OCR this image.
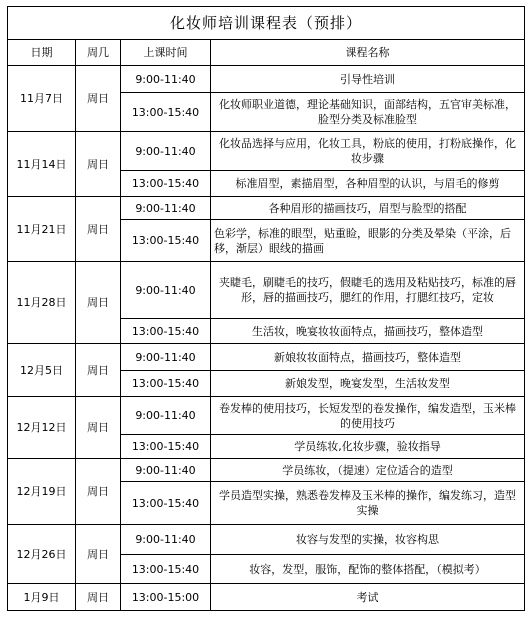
化妆师培训课程表（预排）			
日期	周几	上课时间	课程名称
11月7日	周日	9:00-11:40	引导性培训
		13:00-15:40	化妆师职业道德，理论基础知识，面部结构，五官审美标准，脸型分类及标准脸型
11月14日	周日	9:00-11:40	化妆品选择与应用，化妆工具，粉底的使用，打粉底操作，化妆步骤
		13:00-15:40	标准眉型，素描眉型，各种眉型的认识，与眉毛的修剪
11月21日	周日	9:00-11:40	各种眉形的描画技巧，眉型与脸型的搭配
		13:00-15:40	色彩学，标准的眼型，贴重睑，眼影的分类及晕染（平涂，后移，渐层）眼线的描画
11月28日	周日	9:00-11:40	夹睫毛，刷睫毛的技巧，假睫毛的选用及粘贴技巧，标准的唇形，唇的描画技巧，腮红的作用，打腮红技巧，定妆
		13:00-15:40	生活妆，晚宴妆妆面特点，描画技巧，整体造型
12月5日	周日	9:00-11:40	新娘妆妆面特点，描画技巧，整体造型
		13:00-15:40	新娘发型，晚宴发型，生活妆发型
12月12日	周日	9:00-11:40	卷发棒的使用技巧，长短发型的卷发操作，编发造型，玉米棒的使用技巧
		13:00-15:40	学员练妆,化妆步骤，验妆指导
12月19日	周日	9:00-11:40	学员练妆，（提速）定位适合的造型
		13:00-15:40	学员造型实操，熟悉卷发棒及玉米棒的操作，编发练习，造型实操
12月26日	周日	9:00-11:40	妆容与发型的实操，妆容构思
		13:00-15:40	妆容，发型，服饰，配饰的整体搭配，（模拟考）
1月9日	周日	13:00-15:00	考试
